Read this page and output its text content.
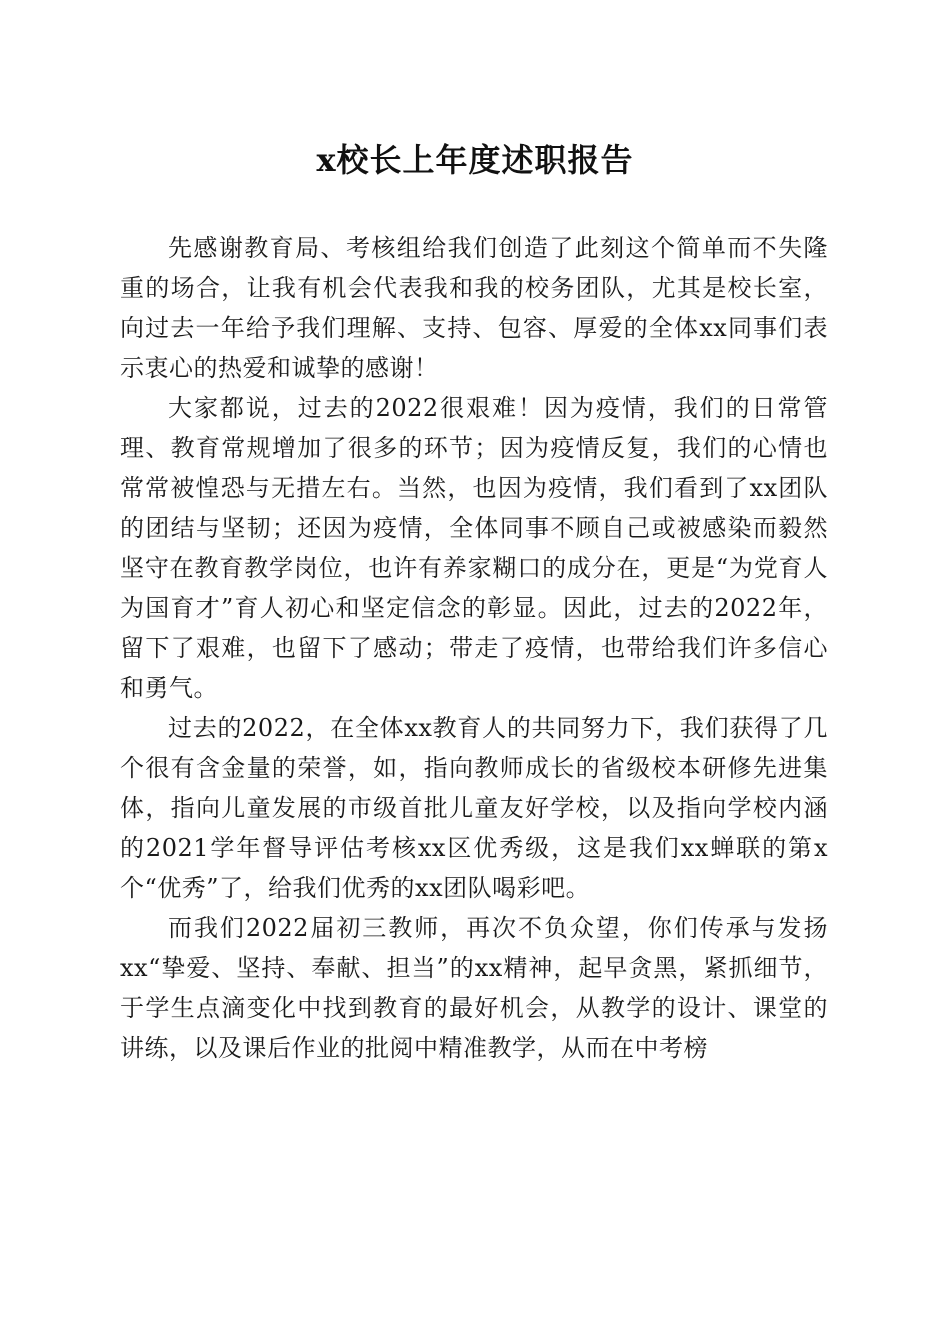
x校长上年度述职报告

先感谢教育局、考核组给我们创造了此刻这个简单而不失隆重的场合，让我有机会代表我和我的校务团队，尤其是校长室，向过去一年给予我们理解、支持、包容、厚爱的全体xx同事们表示衷心的热爱和诚挚的感谢！

大家都说，过去的2022很艰难！因为疫情，我们的日常管理、教育常规增加了很多的环节；因为疫情反复，我们的心情也常常被惶恐与无措左右。当然，也因为疫情，我们看到了xx团队的团结与坚韧；还因为疫情，全体同事不顾自己或被感染而毅然坚守在教育教学岗位，也许有养家糊口的成分在，更是“为党育人为国育才”育人初心和坚定信念的彰显。因此，过去的2022年，留下了艰难，也留下了感动；带走了疫情，也带给我们许多信心和勇气。

过去的2022，在全体xx教育人的共同努力下，我们获得了几个很有含金量的荣誉，如，指向教师成长的省级校本研修先进集体，指向儿童发展的市级首批儿童友好学校，以及指向学校内涵的2021学年督导评估考核xx区优秀级，这是我们xx蝉联的第x个“优秀”了，给我们优秀的xx团队喝彩吧。

而我们2022届初三教师，再次不负众望，你们传承与发扬xx“挚爱、坚持、奉献、担当”的xx精神，起早贪黑，紧抓细节，于学生点滴变化中找到教育的最好机会，从教学的设计、课堂的讲练，以及课后作业的批阅中精准教学，从而在中考榜
